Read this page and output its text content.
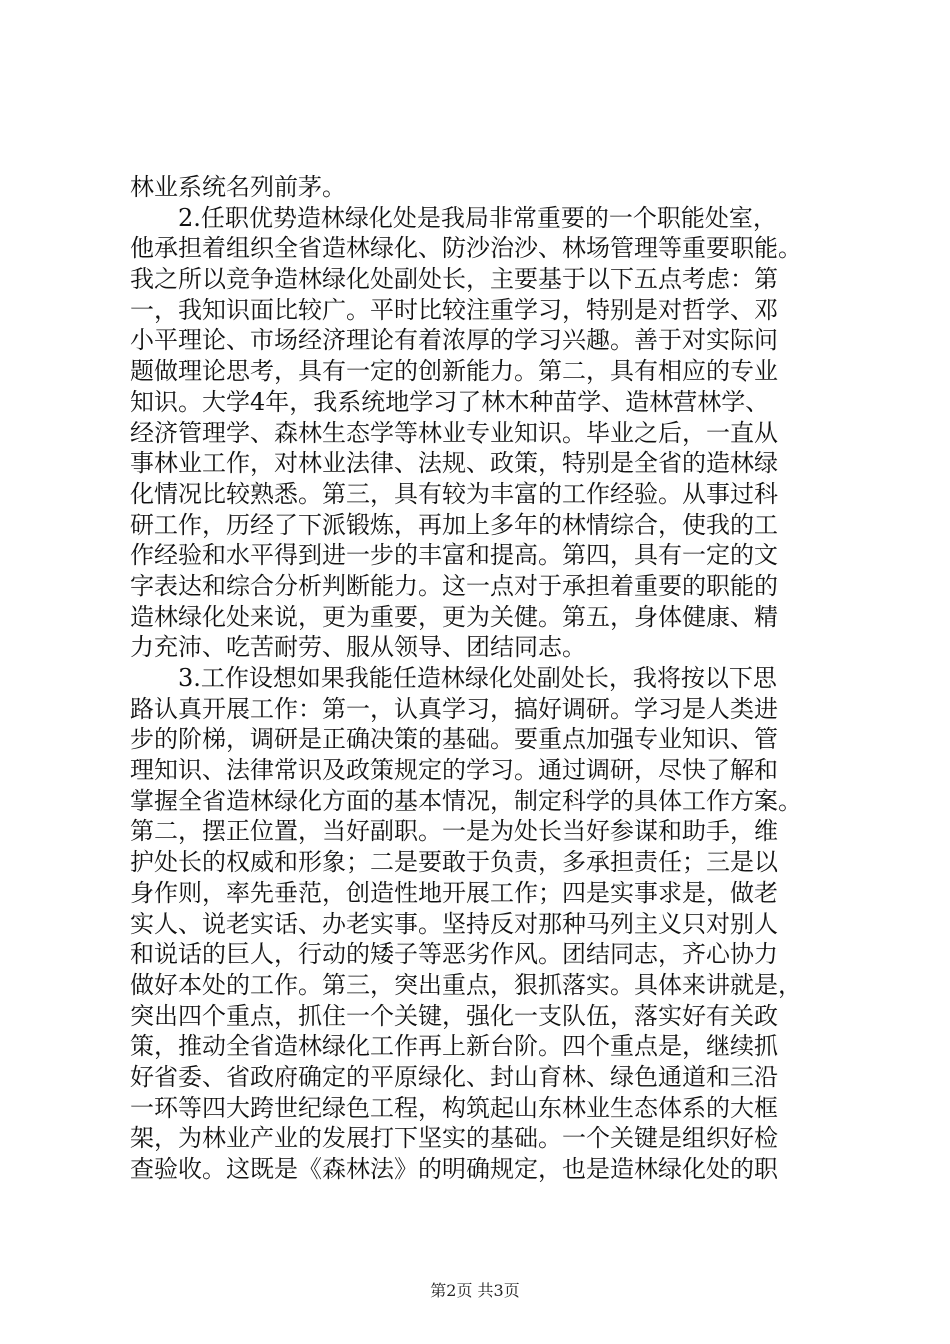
林业系统名列前茅。
2.任职优势造林绿化处是我局非常重要的一个职能处室，
他承担着组织全省造林绿化、防沙治沙、林场管理等重要职能。
我之所以竞争造林绿化处副处长，主要基于以下五点考虑：第
一，我知识面比较广。平时比较注重学习，特别是对哲学、邓
小平理论、市场经济理论有着浓厚的学习兴趣。善于对实际问
题做理论思考，具有一定的创新能力。第二，具有相应的专业
知识。大学4年，我系统地学习了林木种苗学、造林营林学、
经济管理学、森林生态学等林业专业知识。毕业之后，一直从
事林业工作，对林业法律、法规、政策，特别是全省的造林绿
化情况比较熟悉。第三，具有较为丰富的工作经验。从事过科
研工作，历经了下派锻炼，再加上多年的林情综合，使我的工
作经验和水平得到进一步的丰富和提高。第四，具有一定的文
字表达和综合分析判断能力。这一点对于承担着重要的职能的
造林绿化处来说，更为重要，更为关健。第五，身体健康、精
力充沛、吃苦耐劳、服从领导、团结同志。
3.工作设想如果我能任造林绿化处副处长，我将按以下思
路认真开展工作：第一，认真学习，搞好调研。学习是人类进
步的阶梯，调研是正确决策的基础。要重点加强专业知识、管
理知识、法律常识及政策规定的学习。通过调研，尽快了解和
掌握全省造林绿化方面的基本情况，制定科学的具体工作方案。
第二，摆正位置，当好副职。一是为处长当好参谋和助手，维
护处长的权威和形象；二是要敢于负责，多承担责任；三是以
身作则，率先垂范，创造性地开展工作；四是实事求是，做老
实人、说老实话、办老实事。坚持反对那种马列主义只对别人
和说话的巨人，行动的矮子等恶劣作风。团结同志，齐心协力
做好本处的工作。第三，突出重点，狠抓落实。具体来讲就是，
突出四个重点，抓住一个关键，强化一支队伍，落实好有关政
策，推动全省造林绿化工作再上新台阶。四个重点是，继续抓
好省委、省政府确定的平原绿化、封山育林、绿色通道和三沿
一环等四大跨世纪绿色工程，构筑起山东林业生态体系的大框
架，为林业产业的发展打下坚实的基础。一个关键是组织好检
查验收。这既是《森林法》的明确规定，也是造林绿化处的职
第2页 共3页
